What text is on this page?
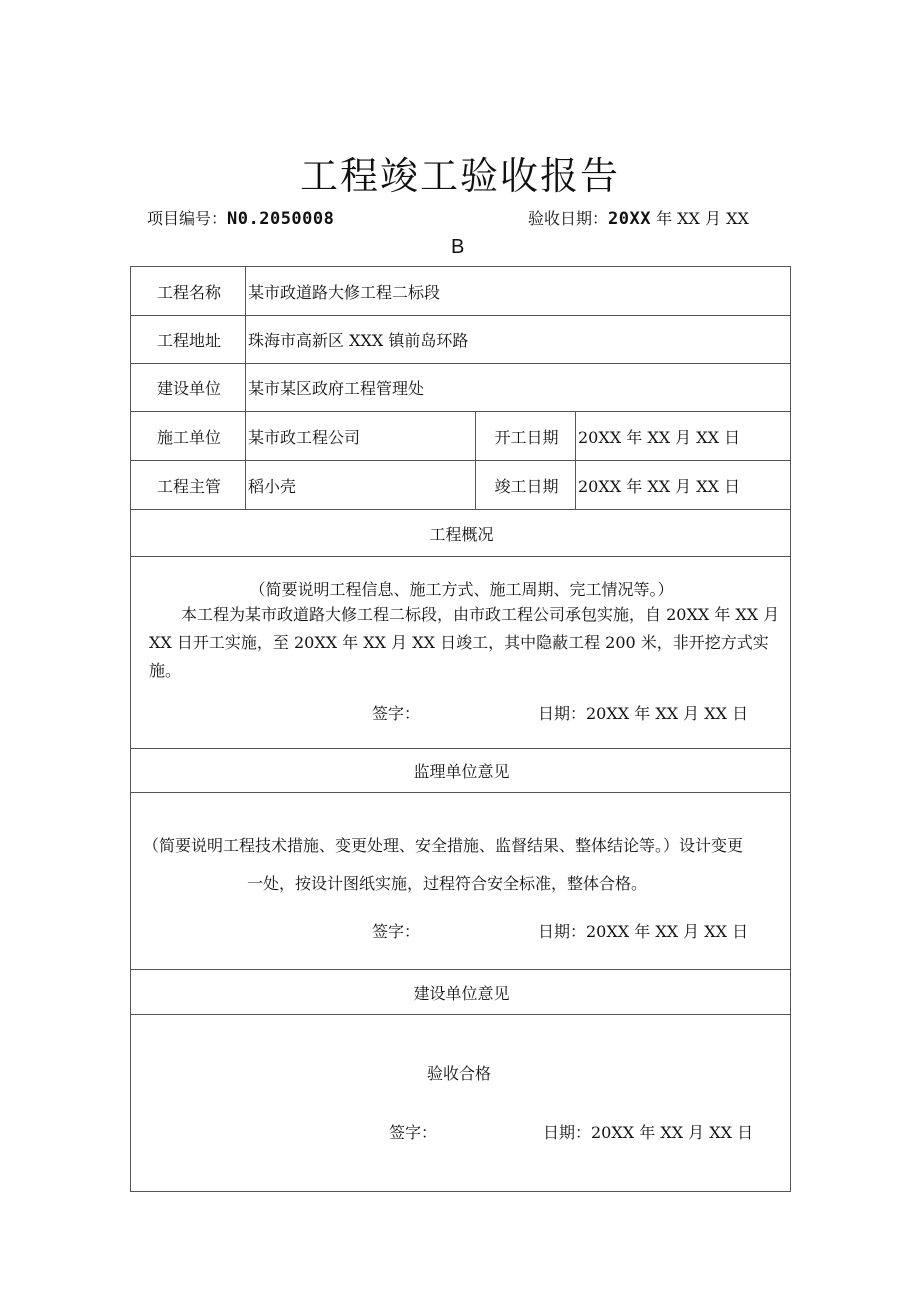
工程竣工验收报告
项目编号：N0.2050008	验收日期：20XX 年 XX 月 XX
B
工程名称	某市政道路大修工程二标段		
工程地址	珠海市高新区 XXX 镇前岛环路		
建设单位	某市某区政府工程管理处		
施工单位	某市政工程公司	开工日期	20XX 年 XX 月 XX 日
工程主管	稻小壳	竣工日期	20XX 年 XX 月 XX 日
工程概况			

（简要说明工程信息、施工方式、施工周期、完工情况等。）
本工程为某市政道路大修工程二标段，由市政工程公司承包实施，自 20XX 年 XX 月 XX 日开工实施，至 20XX 年 XX 月 XX 日竣工，其中隐蔽工程 200 米，非开挖方式实施。
签字： 日期：20XX 年 XX 月 XX 日			

监理单位意见			

（简要说明工程技术措施、变更处理、安全措施、监督结果、整体结论等。）设计变更
一处，按设计图纸实施，过程符合安全标准，整体合格。
签字： 日期：20XX 年 XX 月 XX 日			

建设单位意见			

验收合格
签字： 日期：20XX 年 XX 月 XX 日			
